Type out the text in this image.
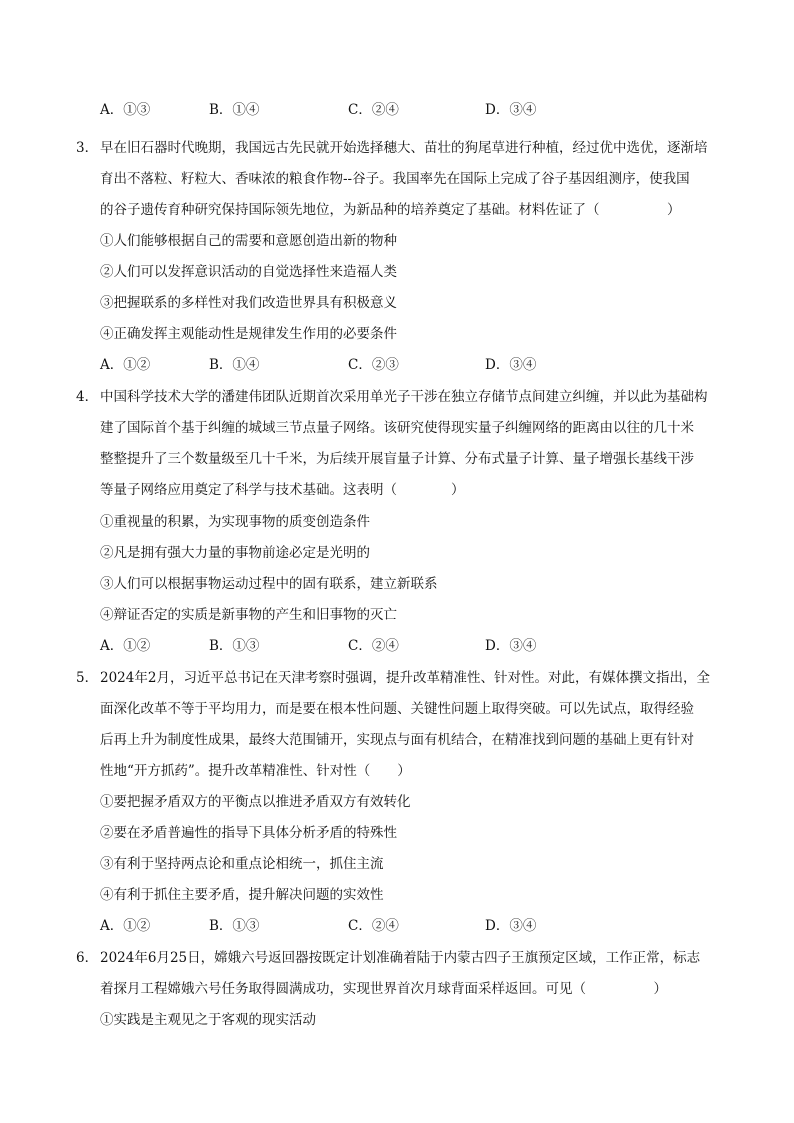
A．①③	B．①④	C．②④	D．③④
3． 早在旧石器时代晚期，我国远古先民就开始选择穗大、苗壮的狗尾草进行种植，经过优中选优，逐渐培
育出不落粒、籽粒大、香味浓的粮食作物--谷子。我国率先在国际上完成了谷子基因组测序，使我国
的谷子遗传育种研究保持国际领先地位，为新品种的培养奠定了基础。材料佐证了（　　　　　）
①人们能够根据自己的需要和意愿创造出新的物种
②人们可以发挥意识活动的自觉选择性来造福人类
③把握联系的多样性对我们改造世界具有积极意义
④正确发挥主观能动性是规律发生作用的必要条件
A．①②	B．①④	C．②③	D．③④
4． 中国科学技术大学的潘建伟团队近期首次采用单光子干涉在独立存储节点间建立纠缠，并以此为基础构
建了国际首个基于纠缠的城域三节点量子网络。该研究使得现实量子纠缠网络的距离由以往的几十米
整整提升了三个数量级至几十千米，为后续开展盲量子计算、分布式量子计算、量子增强长基线干涉
等量子网络应用奠定了科学与技术基础。这表明（　　　　）
①重视量的积累，为实现事物的质变创造条件
②凡是拥有强大力量的事物前途必定是光明的
③人们可以根据事物运动过程中的固有联系，建立新联系
④辩证否定的实质是新事物的产生和旧事物的灭亡
A．①②	B．①③	C．②④	D．③④
5． 2024年2月，习近平总书记在天津考察时强调，提升改革精准性、针对性。对此，有媒体撰文指出，全
面深化改革不等于平均用力，而是要在根本性问题、关键性问题上取得突破。可以先试点，取得经验
后再上升为制度性成果，最终大范围铺开，实现点与面有机结合，在精准找到问题的基础上更有针对
性地“开方抓药”。提升改革精准性、针对性（　　）
①要把握矛盾双方的平衡点以推进矛盾双方有效转化
②要在矛盾普遍性的指导下具体分析矛盾的特殊性
③有利于坚持两点论和重点论相统一，抓住主流
④有利于抓住主要矛盾，提升解决问题的实效性
A．①②	B．①③	C．②④	D．③④
6． 2024年6月25日，嫦娥六号返回器按既定计划准确着陆于内蒙古四子王旗预定区域，工作正常，标志
着探月工程嫦娥六号任务取得圆满成功，实现世界首次月球背面采样返回。可见（　　　　　）
①实践是主观见之于客观的现实活动
